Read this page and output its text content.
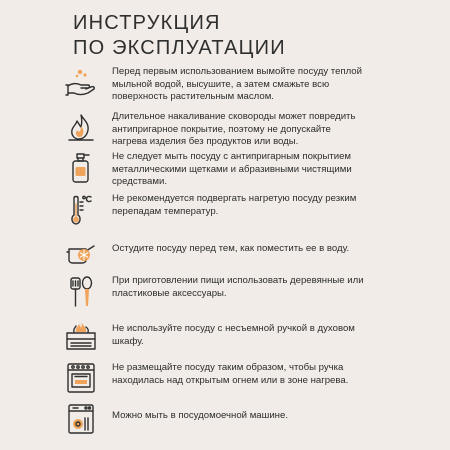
ИНСТРУКЦИЯ
ПО ЭКСПЛУАТАЦИИ
Перед первым использованием вымойте посуду теплой мыльной водой, высушите, а затем смажьте всю поверхность растительным маслом.
Длительное накаливание сковороды может повредить антипригарное покрытие, поэтому не допускайте нагрева изделия без продуктов или воды.
Не следует мыть посуду с антипригарным покрытием металлическими щетками и абразивными чистящими средствами.
Не рекомендуется подвергать нагретую посуду резким перепадам температур.
Остудите посуду перед тем, как поместить ее в воду.
При приготовлении пищи использовать деревянные или пластиковые аксессуары.
Не используйте посуду с несъемной ручкой в духовом шкафу.
Не размещайте посуду таким образом, чтобы ручка находилась над открытым огнем или в зоне нагрева.
Можно мыть в посудомоечной машине.
